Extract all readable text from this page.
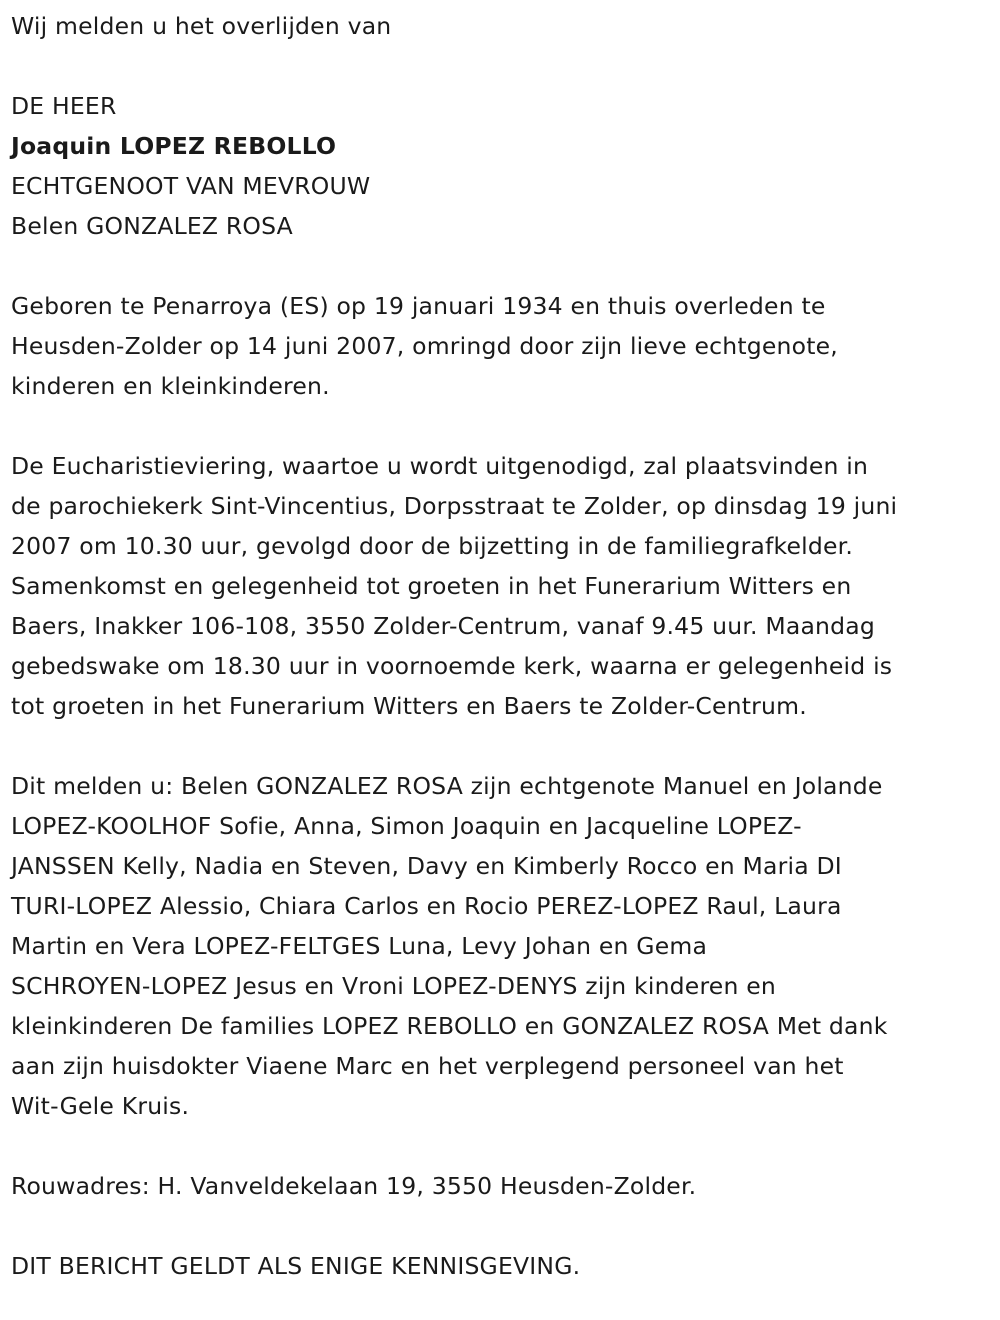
Wij melden u het overlijden van
DE HEER
Joaquin LOPEZ REBOLLO
ECHTGENOOT VAN MEVROUW
Belen GONZALEZ ROSA
Geboren te Penarroya (ES) op 19 januari 1934 en thuis overleden te
Heusden-Zolder op 14 juni 2007, omringd door zijn lieve echtgenote,
kinderen en kleinkinderen.
De Eucharistieviering, waartoe u wordt uitgenodigd, zal plaatsvinden in
de parochiekerk Sint-Vincentius, Dorpsstraat te Zolder, op dinsdag 19 juni
2007 om 10.30 uur, gevolgd door de bijzetting in de familiegrafkelder.
Samenkomst en gelegenheid tot groeten in het Funerarium Witters en
Baers, Inakker 106-108, 3550 Zolder-Centrum, vanaf 9.45 uur. Maandag
gebedswake om 18.30 uur in voornoemde kerk, waarna er gelegenheid is
tot groeten in het Funerarium Witters en Baers te Zolder-Centrum.
Dit melden u: Belen GONZALEZ ROSA zijn echtgenote Manuel en Jolande
LOPEZ-KOOLHOF Sofie, Anna, Simon Joaquin en Jacqueline LOPEZ-
JANSSEN Kelly, Nadia en Steven, Davy en Kimberly Rocco en Maria DI
TURI-LOPEZ Alessio, Chiara Carlos en Rocio PEREZ-LOPEZ Raul, Laura
Martin en Vera LOPEZ-FELTGES Luna, Levy Johan en Gema
SCHROYEN-LOPEZ Jesus en Vroni LOPEZ-DENYS zijn kinderen en
kleinkinderen De families LOPEZ REBOLLO en GONZALEZ ROSA Met dank
aan zijn huisdokter Viaene Marc en het verplegend personeel van het
Wit-Gele Kruis.
Rouwadres: H. Vanveldekelaan 19, 3550 Heusden-Zolder.
DIT BERICHT GELDT ALS ENIGE KENNISGEVING.
